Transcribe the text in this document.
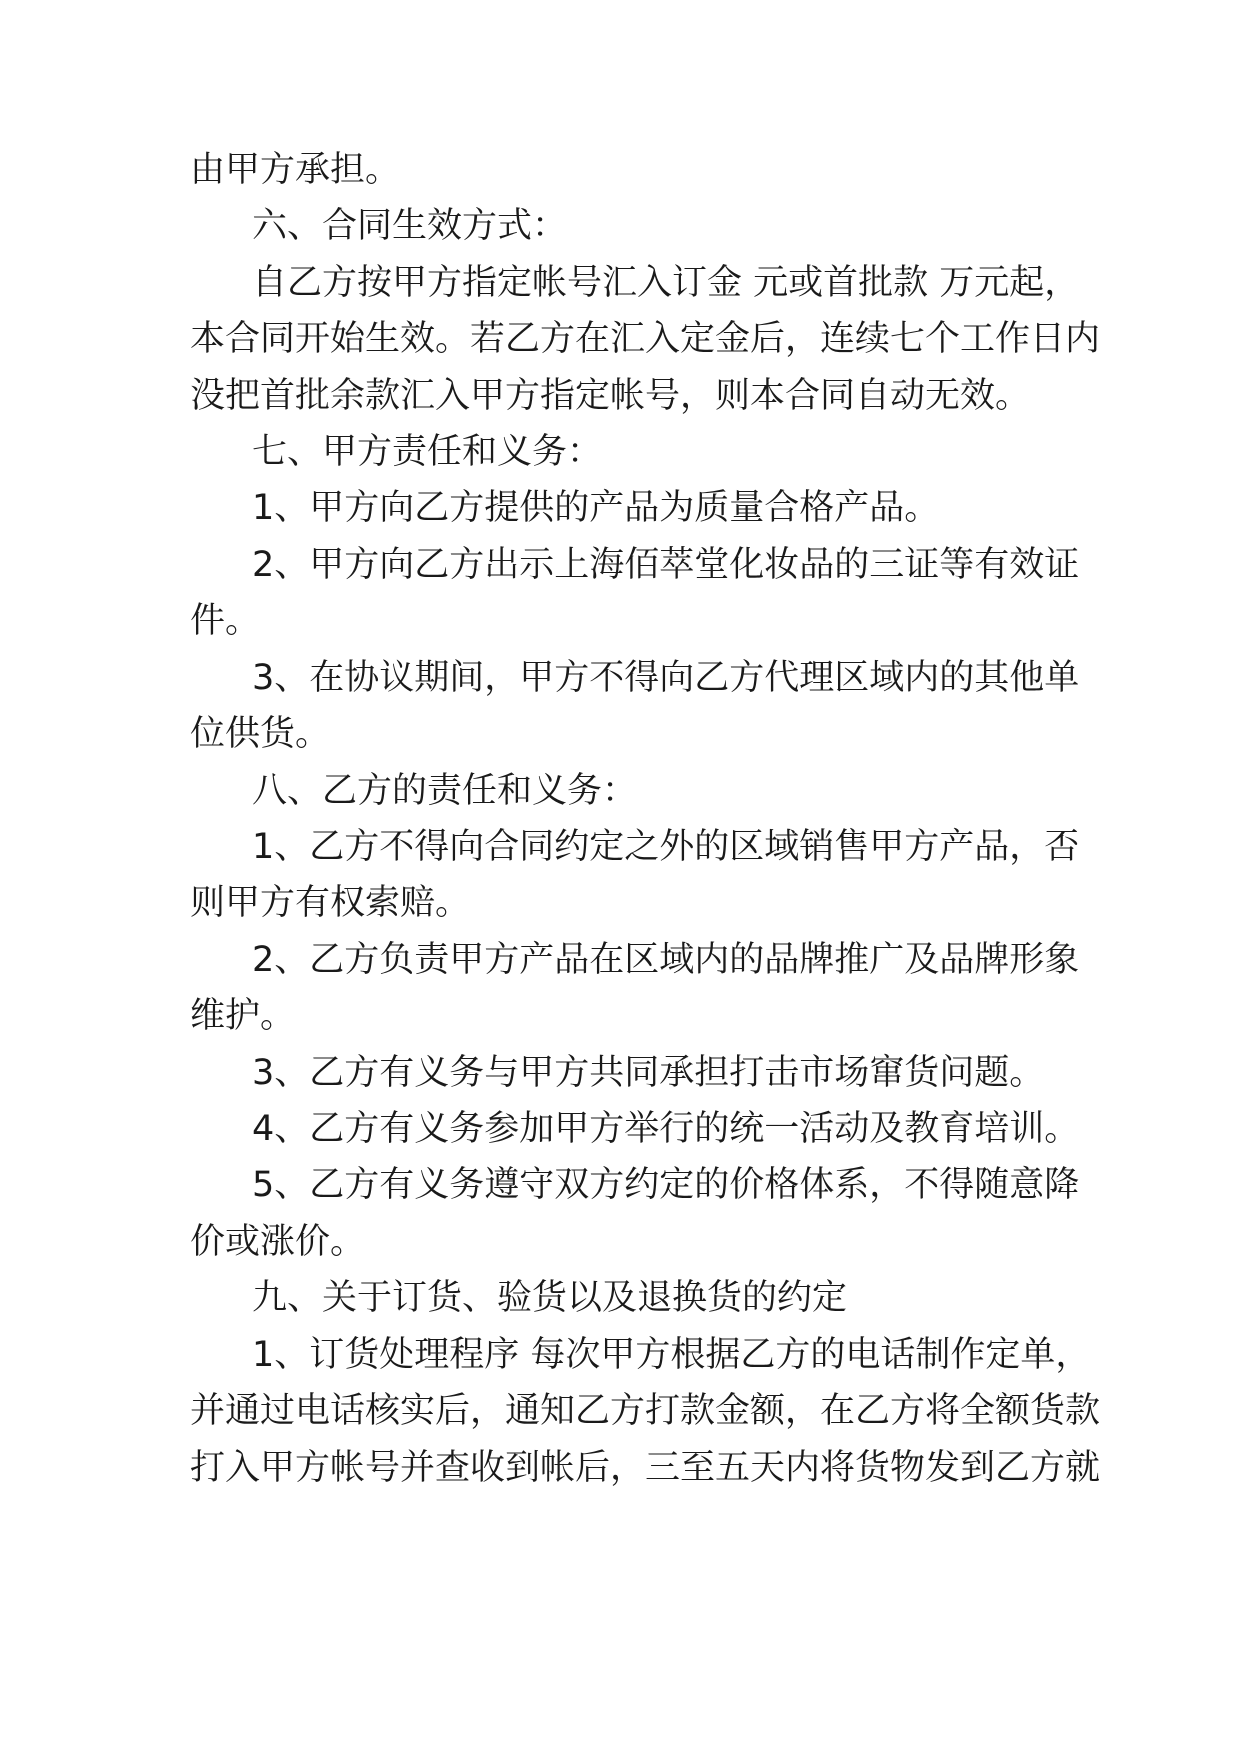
由甲方承担。
六、合同生效方式：
自乙方按甲方指定帐号汇入订金 元或首批款 万元起，
本合同开始生效。若乙方在汇入定金后，连续七个工作日内
没把首批余款汇入甲方指定帐号，则本合同自动无效。
七、甲方责任和义务：
1、甲方向乙方提供的产品为质量合格产品。
2、甲方向乙方出示上海佰萃堂化妆品的三证等有效证
件。
3、在协议期间，甲方不得向乙方代理区域内的其他单
位供货。
八、乙方的责任和义务：
1、乙方不得向合同约定之外的区域销售甲方产品，否
则甲方有权索赔。
2、乙方负责甲方产品在区域内的品牌推广及品牌形象
维护。
3、乙方有义务与甲方共同承担打击市场窜货问题。
4、乙方有义务参加甲方举行的统一活动及教育培训。
5、乙方有义务遵守双方约定的价格体系，不得随意降
价或涨价。
九、关于订货、验货以及退换货的约定
1、订货处理程序 每次甲方根据乙方的电话制作定单，
并通过电话核实后，通知乙方打款金额，在乙方将全额货款
打入甲方帐号并查收到帐后，三至五天内将货物发到乙方就
